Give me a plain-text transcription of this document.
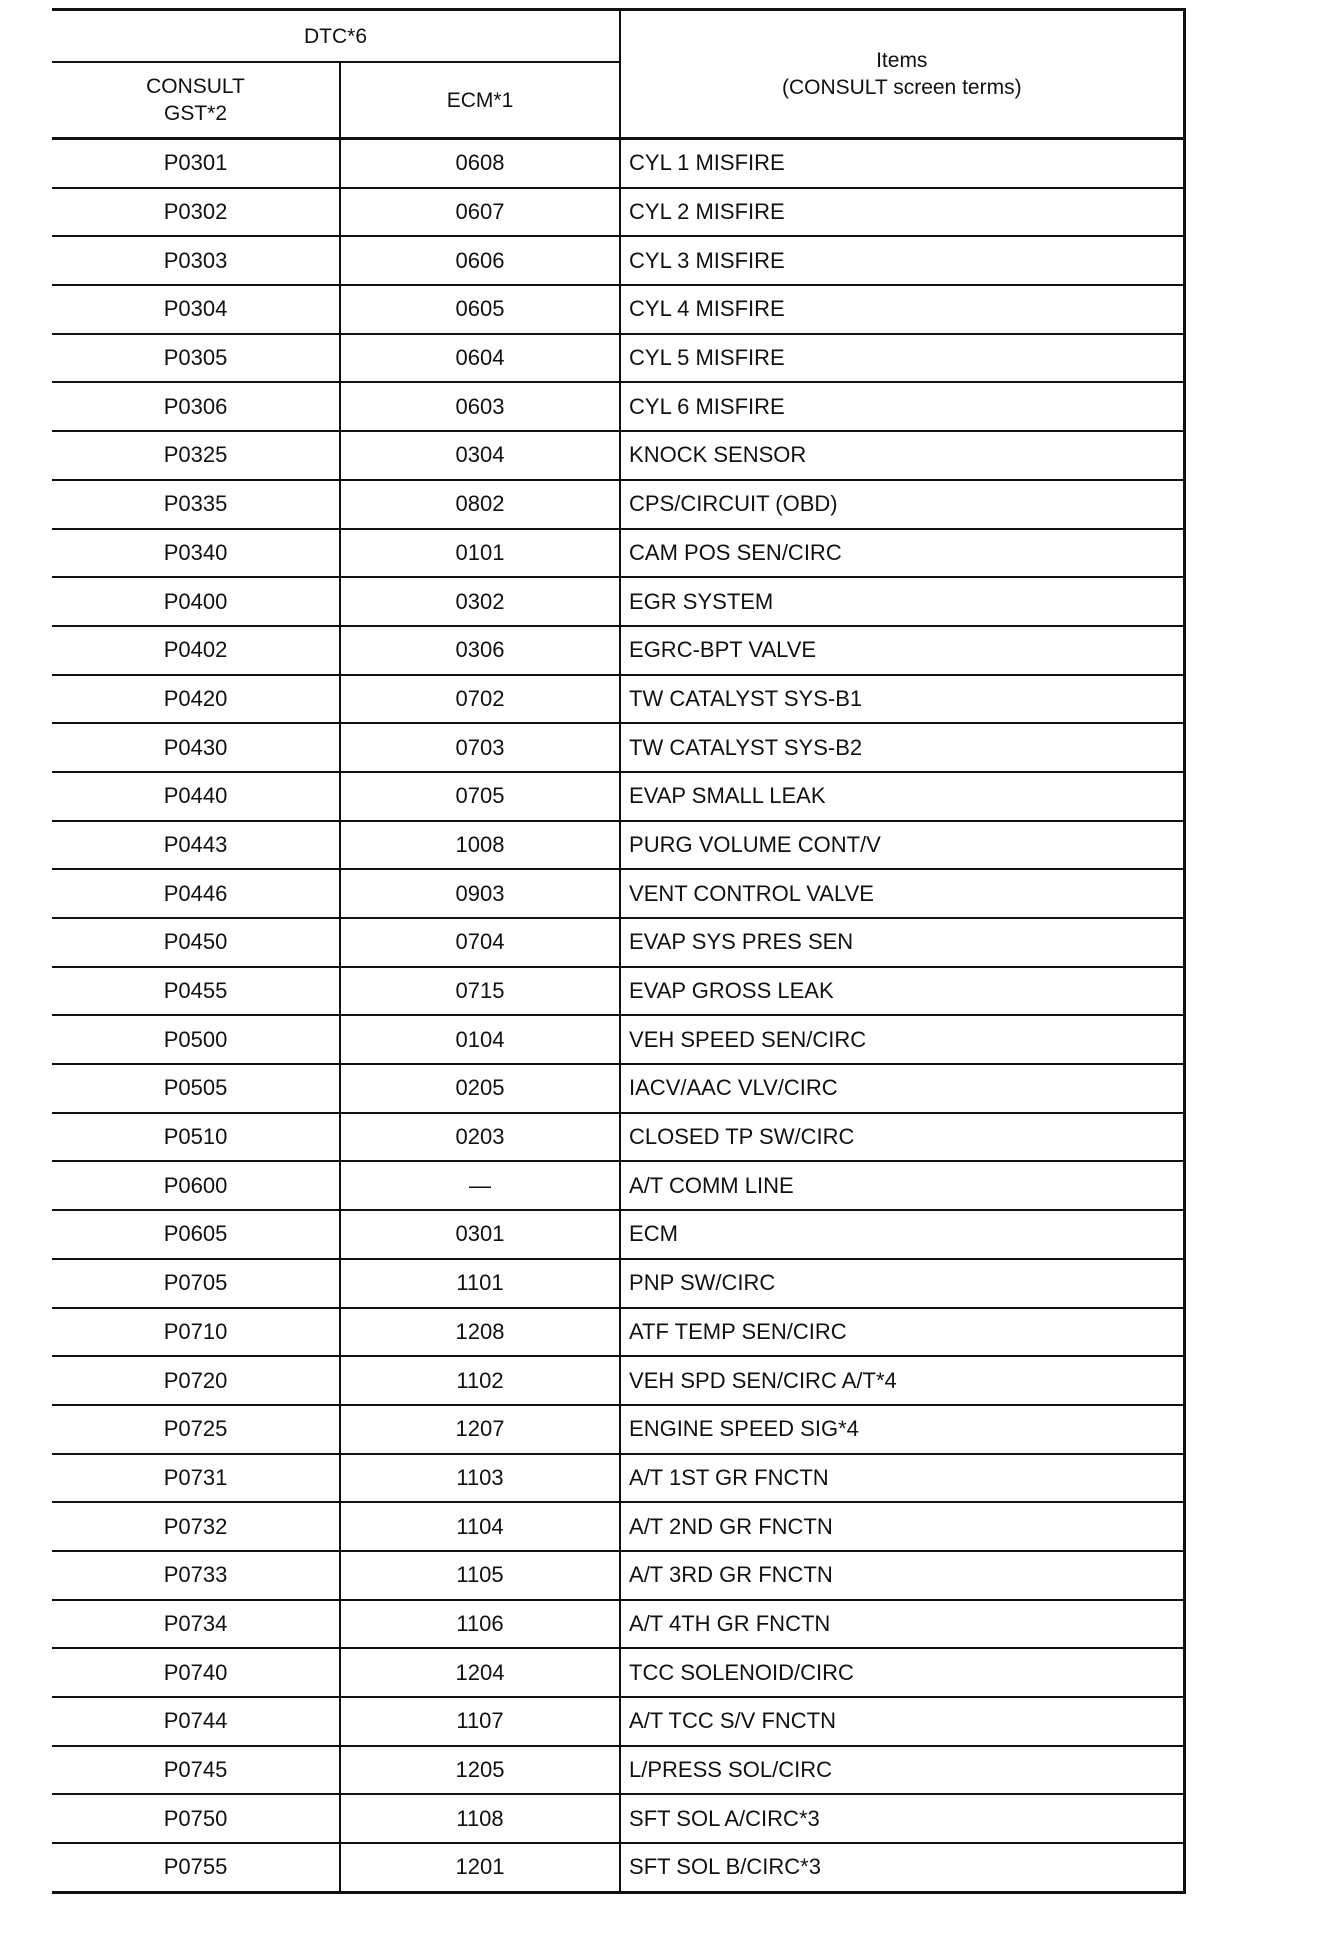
DTC*6		Items
(CONSULT screen terms)

CONSULT
GST*2	ECM*1	
P0301	0608	CYL 1 MISFIRE
P0302	0607	CYL 2 MISFIRE
P0303	0606	CYL 3 MISFIRE
P0304	0605	CYL 4 MISFIRE
P0305	0604	CYL 5 MISFIRE
P0306	0603	CYL 6 MISFIRE
P0325	0304	KNOCK SENSOR
P0335	0802	CPS/CIRCUIT (OBD)
P0340	0101	CAM POS SEN/CIRC
P0400	0302	EGR SYSTEM
P0402	0306	EGRC-BPT VALVE
P0420	0702	TW CATALYST SYS-B1
P0430	0703	TW CATALYST SYS-B2
P0440	0705	EVAP SMALL LEAK
P0443	1008	PURG VOLUME CONT/V
P0446	0903	VENT CONTROL VALVE
P0450	0704	EVAP SYS PRES SEN
P0455	0715	EVAP GROSS LEAK
P0500	0104	VEH SPEED SEN/CIRC
P0505	0205	IACV/AAC VLV/CIRC
P0510	0203	CLOSED TP SW/CIRC
P0600	—	A/T COMM LINE
P0605	0301	ECM
P0705	1101	PNP SW/CIRC
P0710	1208	ATF TEMP SEN/CIRC
P0720	1102	VEH SPD SEN/CIRC A/T*4
P0725	1207	ENGINE SPEED SIG*4
P0731	1103	A/T 1ST GR FNCTN
P0732	1104	A/T 2ND GR FNCTN
P0733	1105	A/T 3RD GR FNCTN
P0734	1106	A/T 4TH GR FNCTN
P0740	1204	TCC SOLENOID/CIRC
P0744	1107	A/T TCC S/V FNCTN
P0745	1205	L/PRESS SOL/CIRC
P0750	1108	SFT SOL A/CIRC*3
P0755	1201	SFT SOL B/CIRC*3
